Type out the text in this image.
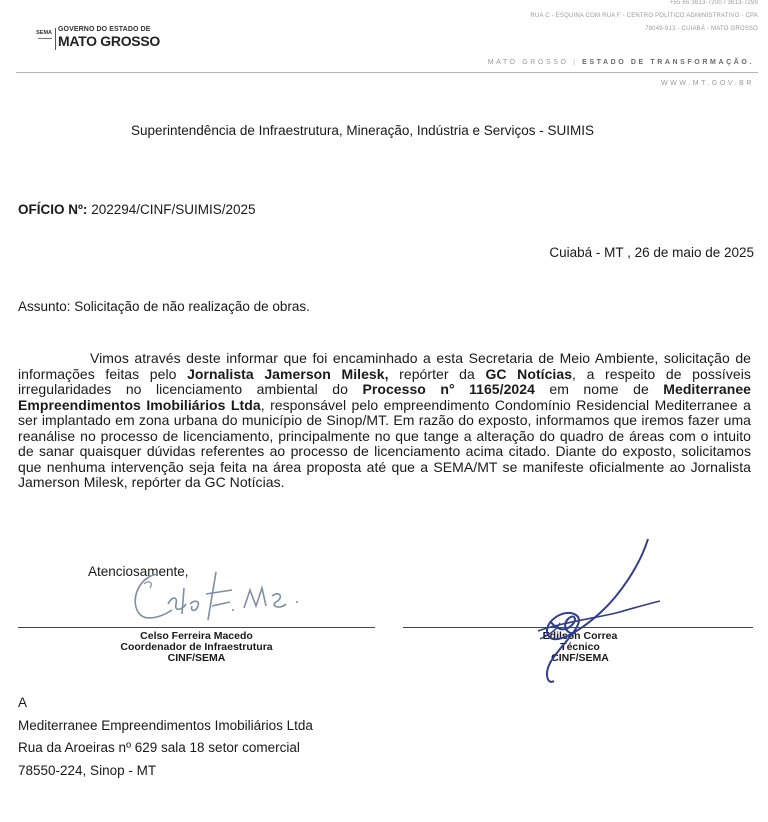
+55 65 3613-7200 / 3613-7299
RUA C - ESQUINA COM RUA F - CENTRO POLÍTICO ADMINISTRATIVO - CPA
78049-913 - CUIABÁ - MATO GROSSO
SEMA
▬▬▬▬
GOVERNO DO ESTADO DE
MATO GROSSO
MATO GROSSO | ESTADO DE TRANSFORMAÇÃO.
WWW.MT.GOV.BR
Superintendência de Infraestrutura, Mineração, Indústria e Serviços - SUIMIS
OFÍCIO Nº: 202294/CINF/SUIMIS/2025
Cuiabá - MT , 26 de maio de 2025
Assunto: Solicitação de não realização de obras.
Vimos através deste informar que foi encaminhado a esta Secretaria de Meio Ambiente, solicitação de informações feitas pelo Jornalista Jamerson Milesk, repórter da GC Notícias, a respeito de possíveis irregularidades no licenciamento ambiental do Processo n° 1165/2024 em nome de Mediterranee Empreendimentos Imobiliários Ltda, responsável pelo empreendimento Condomínio Residencial Mediterranee a ser implantado em zona urbana do município de Sinop/MT. Em razão do exposto, informamos que iremos fazer uma reanálise no processo de licenciamento, principalmente no que tange a alteração do quadro de áreas com o intuito de sanar quaisquer dúvidas referentes ao processo de licenciamento acima citado. Diante do exposto, solicitamos que nenhuma intervenção seja feita na área proposta até que a SEMA/MT se manifeste oficialmente ao Jornalista Jamerson Milesk, repórter da GC Notícias.
Atenciosamente,
Celso Ferreira Macedo
Coordenador de Infraestrutura
CINF/SEMA
Edilson Correa
Técnico
CINF/SEMA
A
Mediterranee Empreendimentos Imobiliários Ltda
Rua da Aroeiras nº 629 sala 18 setor comercial
78550-224, Sinop - MT
